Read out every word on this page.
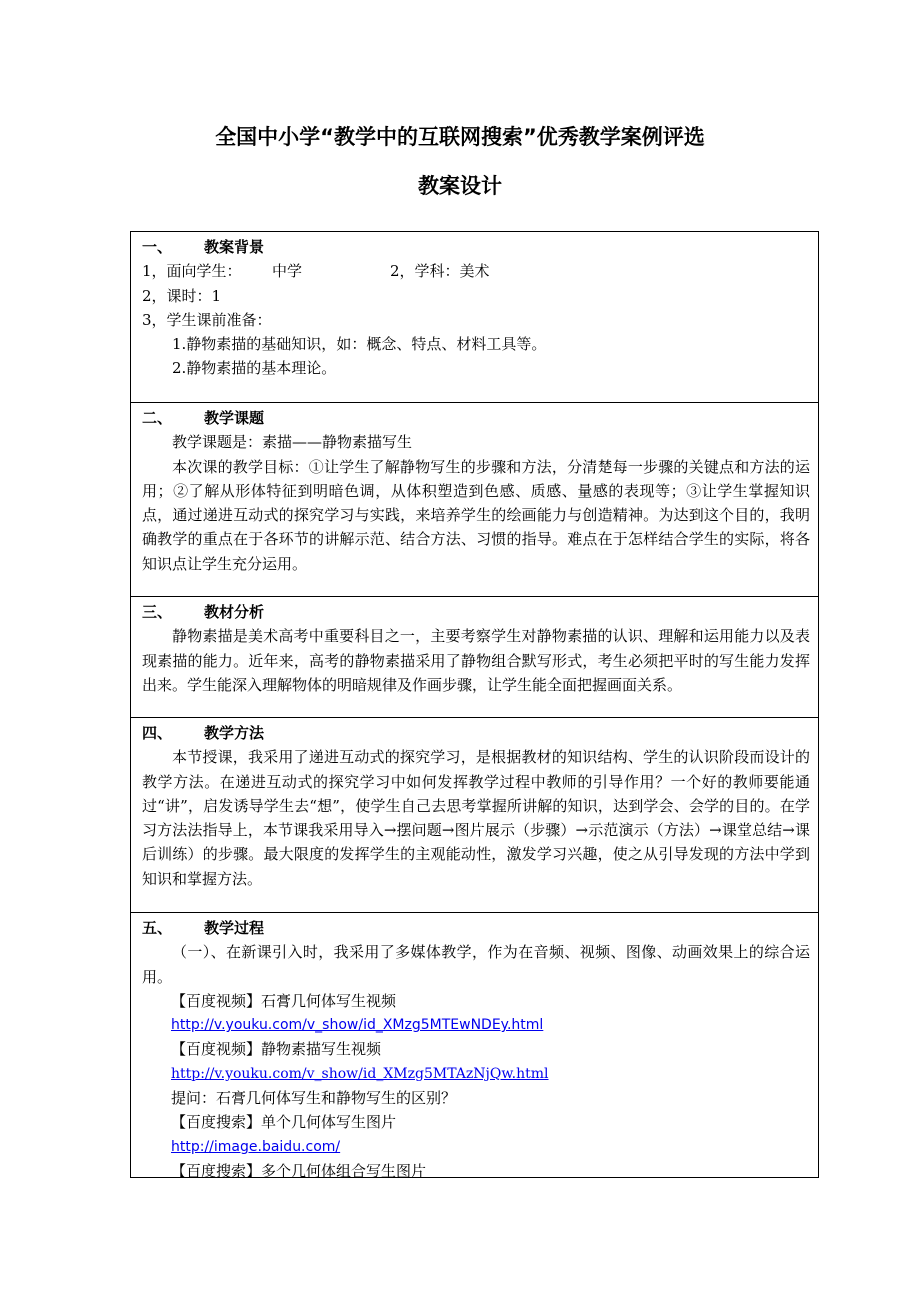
全国中小学“教学中的互联网搜索”优秀教学案例评选
教案设计
一、 教案背景
1，面向学生： 中学	2，学科：美术
2，课时：1
3，学生课前准备：
1.静物素描的基础知识，如：概念、特点、材料工具等。
2.静物素描的基本理论。
二、 教学课题
教学课题是：素描——静物素描写生
本次课的教学目标：①让学生了解静物写生的步骤和方法，分清楚每一步骤的关键点和方法的运用；②了解从形体特征到明暗色调，从体积塑造到色感、质感、量感的表现等；③让学生掌握知识点，通过递进互动式的探究学习与实践，来培养学生的绘画能力与创造精神。为达到这个目的，我明确教学的重点在于各环节的讲解示范、结合方法、习惯的指导。难点在于怎样结合学生的实际，将各知识点让学生充分运用。
三、 教材分析
静物素描是美术高考中重要科目之一，主要考察学生对静物素描的认识、理解和运用能力以及表现素描的能力。近年来，高考的静物素描采用了静物组合默写形式，考生必须把平时的写生能力发挥出来。学生能深入理解物体的明暗规律及作画步骤，让学生能全面把握画面关系。
四、 教学方法
本节授课，我采用了递进互动式的探究学习，是根据教材的知识结构、学生的认识阶段而设计的教学方法。在递进互动式的探究学习中如何发挥教学过程中教师的引导作用？一个好的教师要能通过“讲”，启发诱导学生去“想”，使学生自己去思考掌握所讲解的知识，达到学会、会学的目的。在学习方法法指导上，本节课我采用导入→摆问题→图片展示（步骤）→示范演示（方法）→课堂总结→课后训练）的步骤。最大限度的发挥学生的主观能动性，激发学习兴趣，使之从引导发现的方法中学到知识和掌握方法。
五、 教学过程
（一）、在新课引入时，我采用了多媒体教学，作为在音频、视频、图像、动画效果上的综合运用。
【百度视频】石膏几何体写生视频
http://v.youku.com/v_show/id_XMzg5MTEwNDEy.html
【百度视频】静物素描写生视频
http://v.youku.com/v_show/id_XMzg5MTAzNjQw.html
提问：石膏几何体写生和静物写生的区别？
【百度搜索】单个几何体写生图片
http://image.baidu.com/
【百度搜索】多个几何体组合写生图片
